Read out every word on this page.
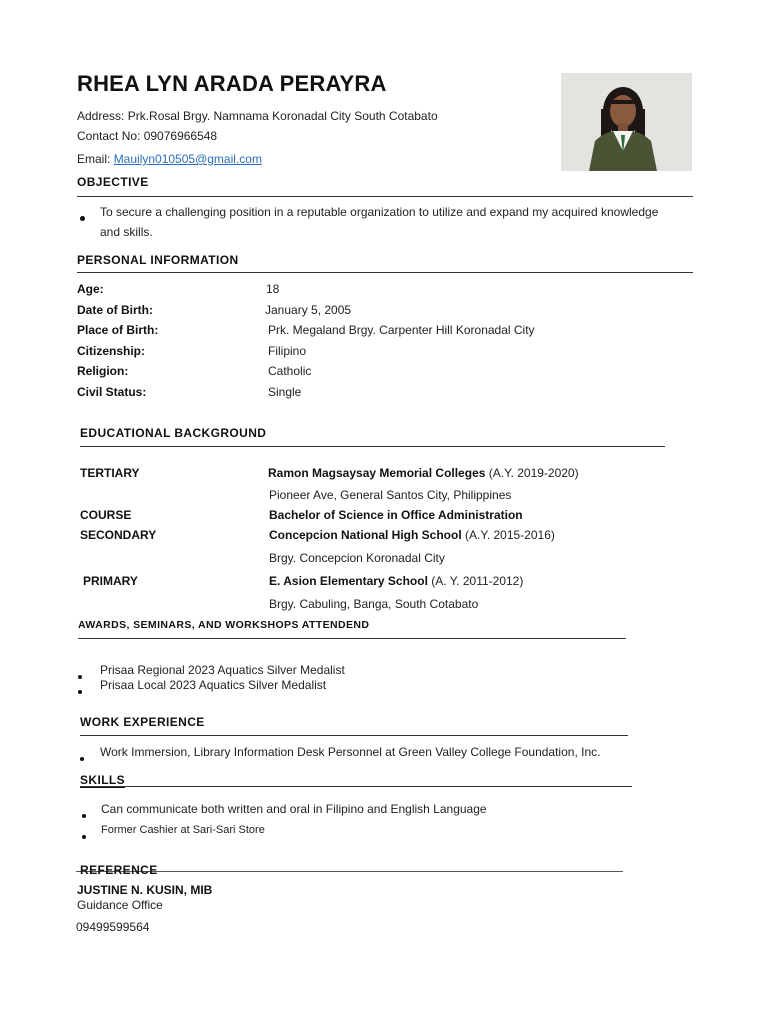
RHEA LYN ARADA PERAYRA
Address: Prk.Rosal Brgy. Namnama Koronadal City South Cotabato
Contact No: 09076966548
Email: Mauilyn010505@gmail.com
OBJECTIVE
To secure a challenging position in a reputable organization to utilize and expand my acquired knowledge
and skills.
PERSONAL INFORMATION
Age:	18
Date of Birth:	January 5, 2005
Place of Birth:	Prk. Megaland Brgy. Carpenter Hill Koronadal City
Citizenship:	Filipino
Religion:	Catholic
Civil Status:	Single
EDUCATIONAL BACKGROUND
TERTIARY	Ramon Magsaysay Memorial Colleges (A.Y. 2019-2020)
Pioneer Ave, General Santos City, Philippines
COURSE	Bachelor of Science in Office Administration
SECONDARY	Concepcion National High School (A.Y. 2015-2016)
Brgy. Concepcion Koronadal City
PRIMARY	E. Asion Elementary School (A. Y. 2011-2012)
Brgy. Cabuling, Banga, South Cotabato
AWARDS, SEMINARS, AND WORKSHOPS ATTENDEND
Prisaa Regional 2023 Aquatics Silver Medalist
Prisaa Local 2023 Aquatics Silver Medalist
WORK EXPERIENCE
Work Immersion, Library Information Desk Personnel at Green Valley College Foundation, Inc.
SKILLS
Can communicate both written and oral in Filipino and English Language
Former Cashier at Sari-Sari Store
REFERENCE
JUSTINE N. KUSIN, MIB
Guidance Office
09499599564
